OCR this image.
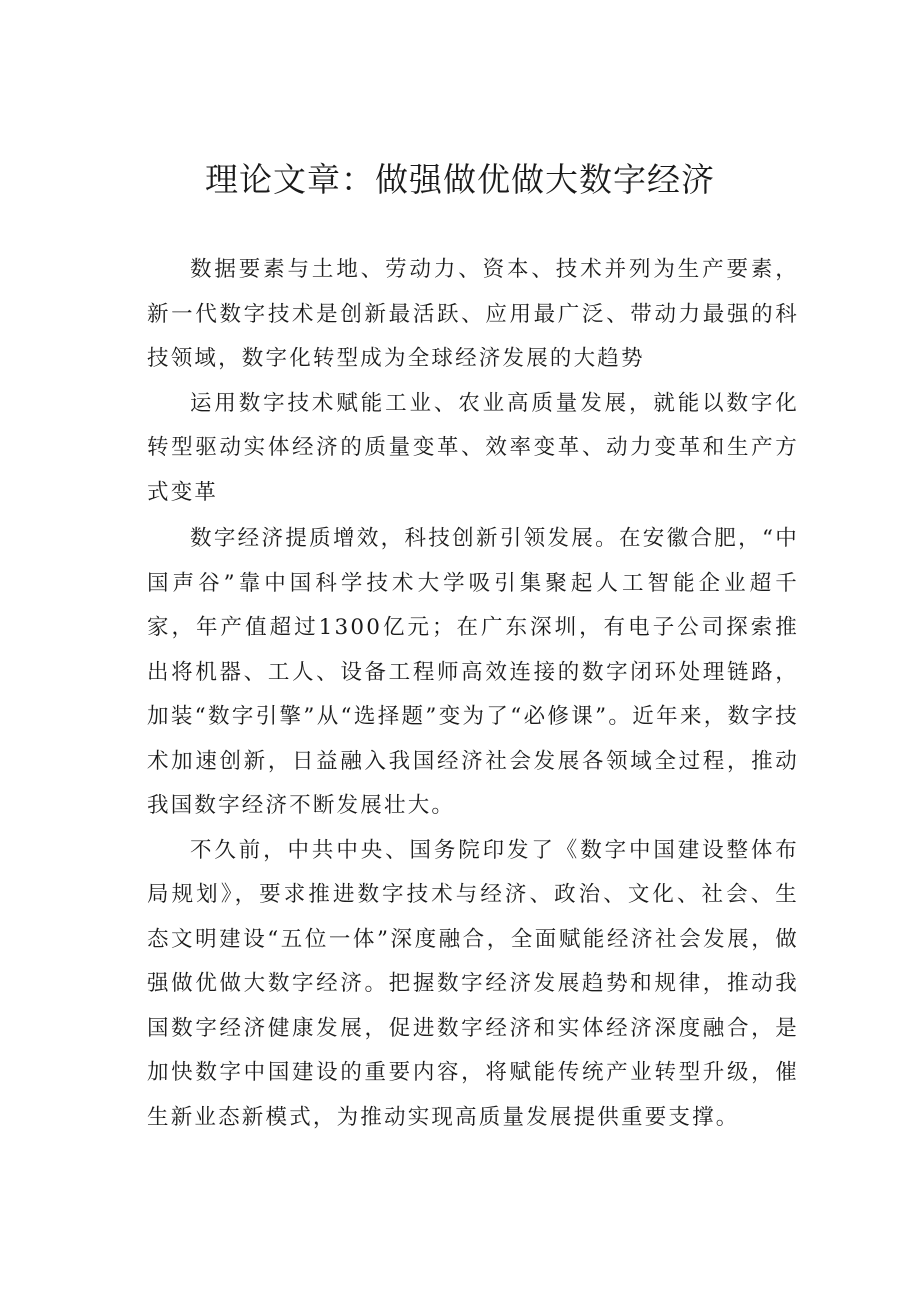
理论文章：做强做优做大数字经济

数据要素与土地、劳动力、资本、技术并列为生产要素，新一代数字技术是创新最活跃、应用最广泛、带动力最强的科技领域，数字化转型成为全球经济发展的大趋势

运用数字技术赋能工业、农业高质量发展，就能以数字化转型驱动实体经济的质量变革、效率变革、动力变革和生产方式变革

数字经济提质增效，科技创新引领发展。在安徽合肥，“中国声谷”靠中国科学技术大学吸引集聚起人工智能企业超千家，年产值超过1300亿元；在广东深圳，有电子公司探索推出将机器、工人、设备工程师高效连接的数字闭环处理链路，加装“数字引擎”从“选择题”变为了“必修课”。近年来，数字技术加速创新，日益融入我国经济社会发展各领域全过程，推动我国数字经济不断发展壮大。

不久前，中共中央、国务院印发了《数字中国建设整体布局规划》，要求推进数字技术与经济、政治、文化、社会、生态文明建设“五位一体”深度融合，全面赋能经济社会发展，做强做优做大数字经济。把握数字经济发展趋势和规律，推动我国数字经济健康发展，促进数字经济和实体经济深度融合，是加快数字中国建设的重要内容，将赋能传统产业转型升级，催生新业态新模式，为推动实现高质量发展提供重要支撑。
